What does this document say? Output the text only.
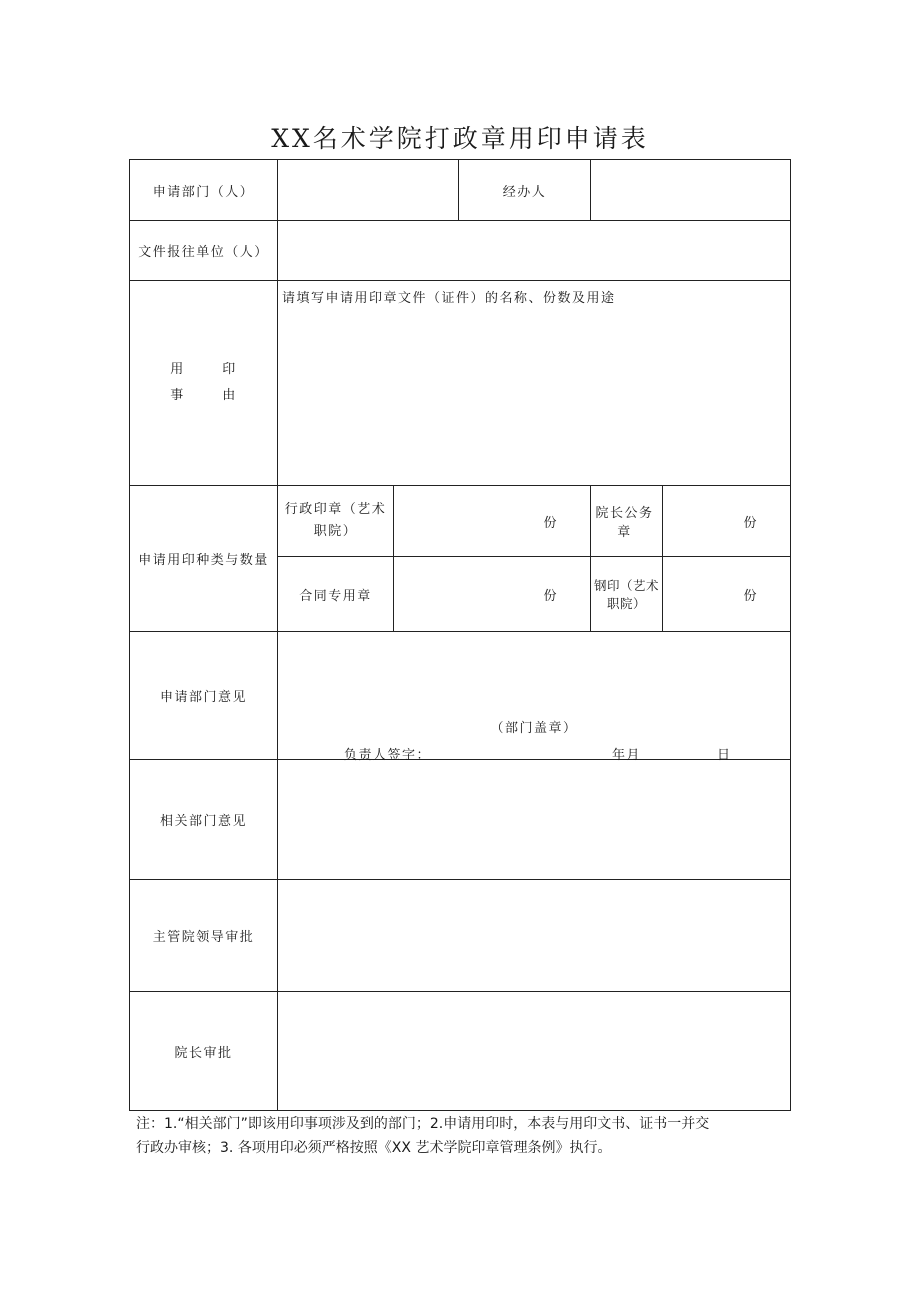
XX名术学院打政章用印申请表
申请部门（人）			经办人		
文件报往单位（人）					

用 印
事 由	请填写申请用印章文件（证件）的名称、份数及用途				
申请用印种类与数量	行政印章（艺术职院）	份		院长公务章	份
	合同专用章	份		钢印（艺术职院）	份
申请部门意见	（部门盖章）
负责人签字： 年月 日				

相关部门意见					
主管院领导审批					
院长审批					
注：1.“相关部门”即该用印事项涉及到的部门；2.申请用印时，本表与用印文书、证书一并交
行政办审核；3. 各项用印必须严格按照《XX 艺术学院印章管理条例》执行。
